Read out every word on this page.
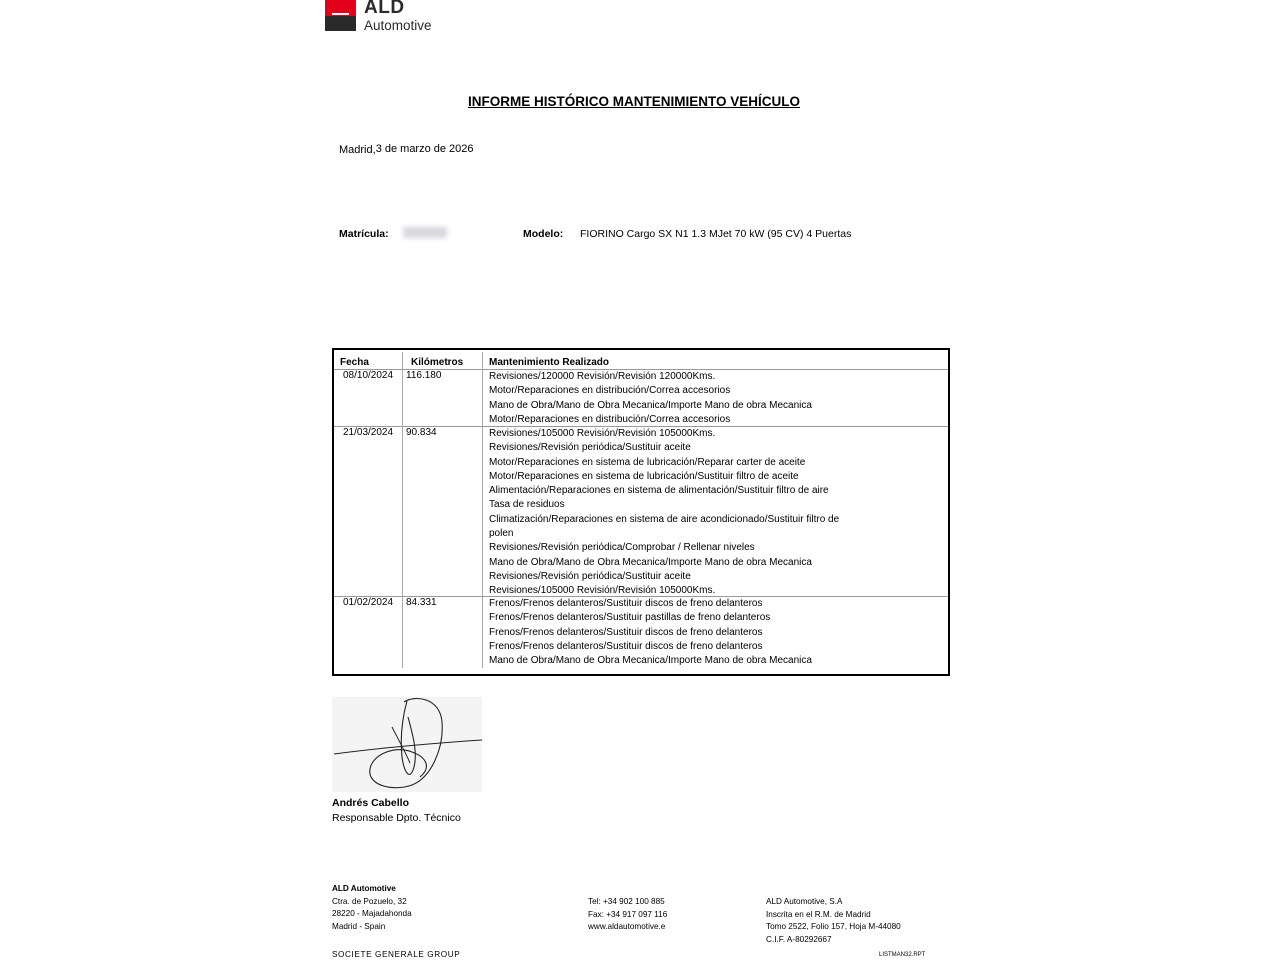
ALD
Automotive
INFORME HISTÓRICO MANTENIMIENTO VEHÍCULO
Madrid,3 de marzo de 2026
Matrícula:	Modelo: FIORINO Cargo SX N1 1.3 MJet 70 kW (95 CV) 4 Puertas
Fecha	Kilómetros	Mantenimiento Realizado
08/10/2024 116.180	Revisiones/120000 Revisión/Revisión 120000Kms.
Motor/Reparaciones en distribución/Correa accesorios
Mano de Obra/Mano de Obra Mecanica/Importe Mano de obra Mecanica
Motor/Reparaciones en distribución/Correa accesorios
21/03/2024 90.834	Revisiones/105000 Revisión/Revisión 105000Kms.
Revisiones/Revisión periódica/Sustituir aceite
Motor/Reparaciones en sistema de lubricación/Reparar carter de aceite
Motor/Reparaciones en sistema de lubricación/Sustituir filtro de aceite
Alimentación/Reparaciones en sistema de alimentación/Sustituir filtro de aire
Tasa de residuos
Climatización/Reparaciones en sistema de aire acondicionado/Sustituir filtro de
polen
Revisiones/Revisión periódica/Comprobar / Rellenar niveles
Mano de Obra/Mano de Obra Mecanica/Importe Mano de obra Mecanica
Revisiones/Revisión periódica/Sustituir aceite
Revisiones/105000 Revisión/Revisión 105000Kms.
01/02/2024 84.331	Frenos/Frenos delanteros/Sustituir discos de freno delanteros
Frenos/Frenos delanteros/Sustituir pastillas de freno delanteros
Frenos/Frenos delanteros/Sustituir discos de freno delanteros
Frenos/Frenos delanteros/Sustituir discos de freno delanteros
Mano de Obra/Mano de Obra Mecanica/Importe Mano de obra Mecanica
Andrés Cabello
Responsable Dpto. Técnico
ALD Automotive
Ctra. de Pozuelo, 32
28220 - Majadahonda
Madrid - Spain
Tel: +34 902 100 885
Fax: +34 917 097 116
www.aldautomotive.e
ALD Automotive, S.A
Inscrita en el R.M. de Madrid
Tomo 2522, Folio 157, Hoja M-44080
C.I.F. A-80292667
SOCIETE GENERALE GROUP	LISTMAN32.RPT
